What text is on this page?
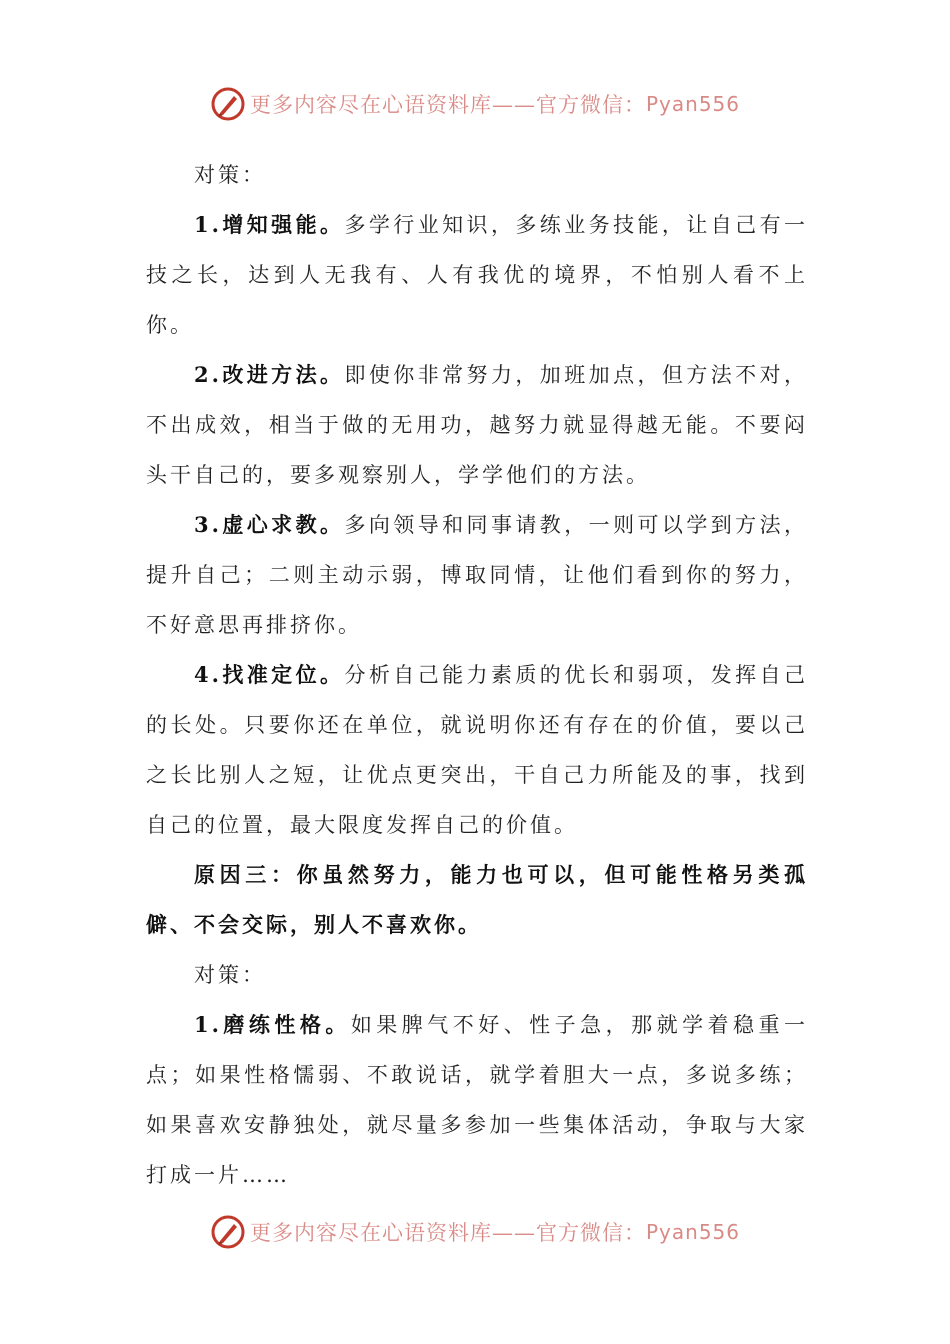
更多内容尽在心语资料库—— 官方微信： Pyan556

对策：

1.增知强能。多学行业知识，多练业务技能，让自己有一技之长，达到人无我有、人有我优的境界，不怕别人看不上你。

2.改进方法。即使你非常努力，加班加点，但方法不对，不出成效，相当于做的无用功，越努力就显得越无能。不要闷头干自己的，要多观察别人，学学他们的方法。

3.虚心求教。多向领导和同事请教，一则可以学到方法，提升自己；二则主动示弱，博取同情，让他们看到你的努力，不好意思再排挤你。

4.找准定位。分析自己能力素质的优长和弱项，发挥自己的长处。只要你还在单位，就说明你还有存在的价值，要以己之长比别人之短，让优点更突出，干自己力所能及的事，找到自己的位置，最大限度发挥自己的价值。

原因三：你虽然努力，能力也可以，但可能性格另类孤僻、不会交际，别人不喜欢你。

对策：

1.磨练性格。如果脾气不好、性子急，那就学着稳重一点；如果性格懦弱、不敢说话，就学着胆大一点，多说多练；如果喜欢安静独处，就尽量多参加一些集体活动，争取与大家打成一片……

更多内容尽在心语资料库—— 官方微信： Pyan556
